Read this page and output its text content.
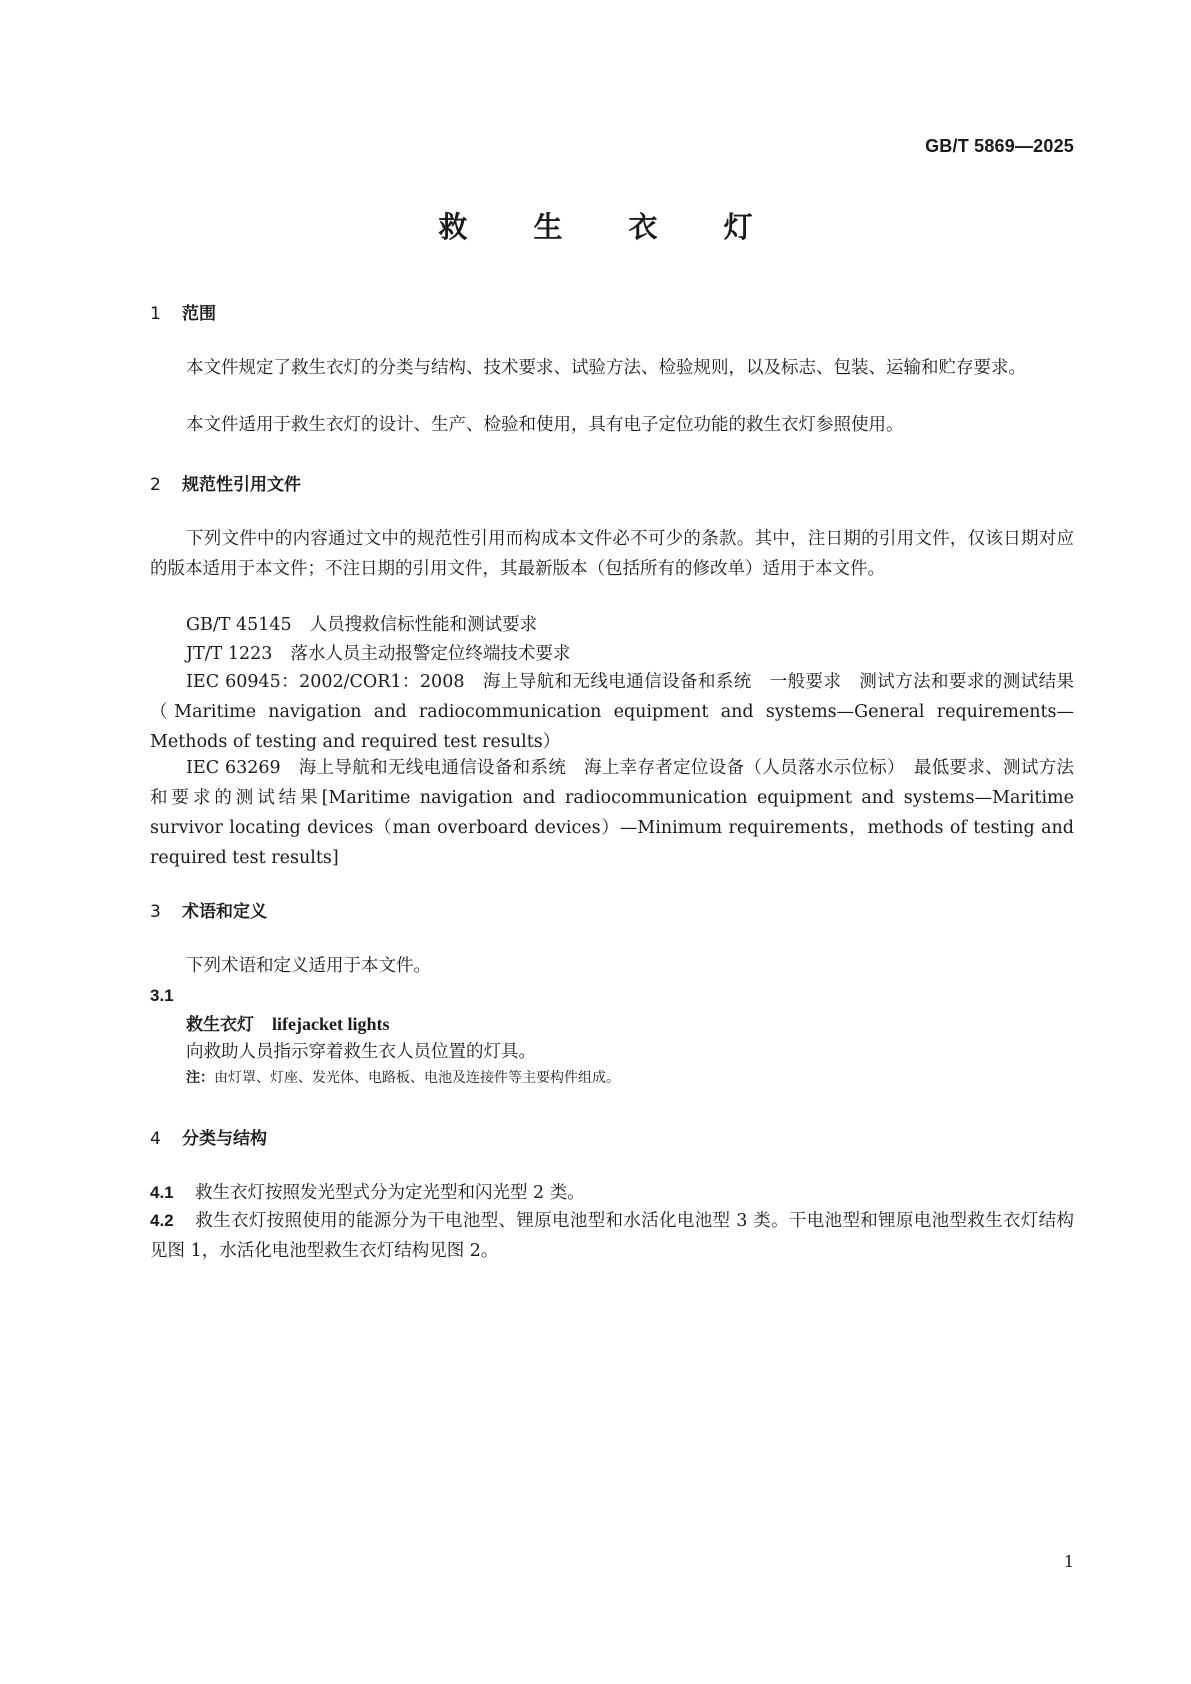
GB/T 5869—2025
救 生 衣 灯
1 范围
本文件规定了救生衣灯的分类与结构、技术要求、试验方法、检验规则，以及标志、包装、运输和贮存要求。
本文件适用于救生衣灯的设计、生产、检验和使用，具有电子定位功能的救生衣灯参照使用。
2 规范性引用文件
下列文件中的内容通过文中的规范性引用而构成本文件必不可少的条款。其中，注日期的引用文件，仅该日期对应的版本适用于本文件；不注日期的引用文件，其最新版本（包括所有的修改单）适用于本文件。
GB/T 45145 人员搜救信标性能和测试要求
JT/T 1223 落水人员主动报警定位终端技术要求
IEC 60945：2002/COR1：2008　海上导航和无线电通信设备和系统　一般要求　测试方法和要求的测试结果（Maritime navigation and radiocommunication equipment and systems—General requirements—Methods of testing and required test results）
IEC 63269　海上导航和无线电通信设备和系统　海上幸存者定位设备（人员落水示位标）　最低要求、测试方法和要求的测试结果[Maritime navigation and radiocommunication equipment and systems—Maritime survivor locating devices（man overboard devices）—Minimum requirements，methods of testing and required test results]
3 术语和定义
下列术语和定义适用于本文件。
3.1
救生衣灯 lifejacket lights
向救助人员指示穿着救生衣人员位置的灯具。
注：由灯罩、灯座、发光体、电路板、电池及连接件等主要构件组成。
4 分类与结构
4.1 救生衣灯按照发光型式分为定光型和闪光型 2 类。
4.2 救生衣灯按照使用的能源分为干电池型、锂原电池型和水活化电池型 3 类。干电池型和锂原电池型救生衣灯结构见图 1，水活化电池型救生衣灯结构见图 2。
1
